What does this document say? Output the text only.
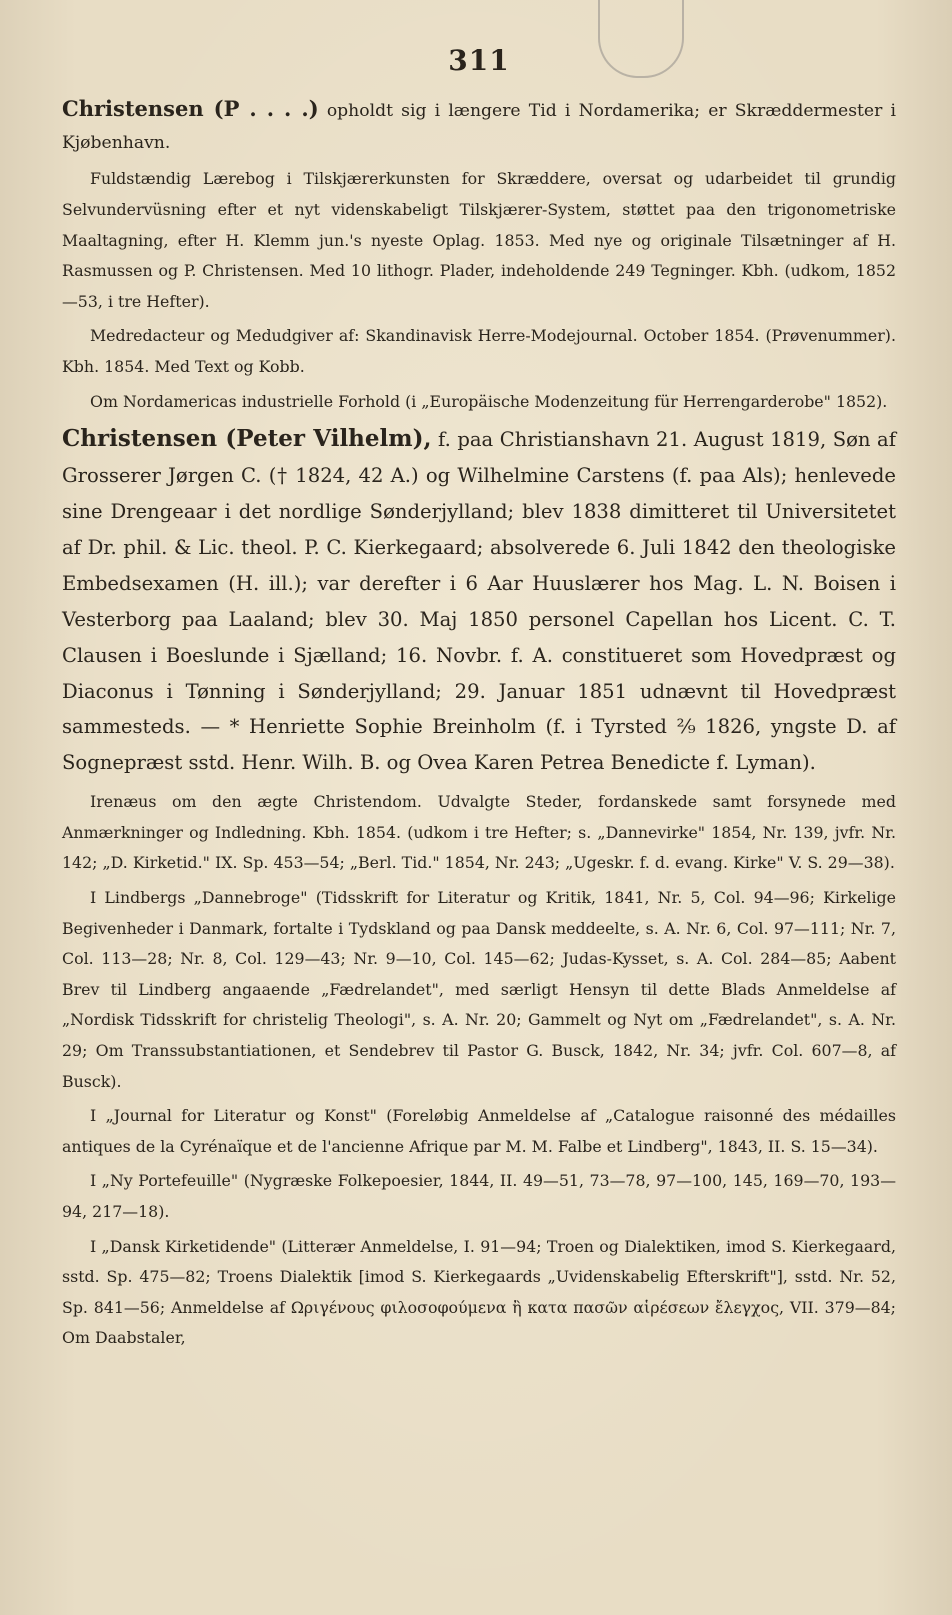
311

Christensen (P . . . .) opholdt sig i længere Tid i Nordamerika; er Skræddermester i Kjøbenhavn.

Fuldstændig Lærebog i Tilskjærerkunsten for Skræddere, oversat og udarbeidet til grundig Selvundervüsning efter et nyt videnskabeligt Tilskjærer-System, støttet paa den trigonometriske Maaltagning, efter H. Klemm jun.'s nyeste Oplag. 1853. Med nye og originale Tilsætninger af H. Rasmussen og P. Christensen. Med 10 lithogr. Plader, indeholdende 249 Tegninger. Kbh. (udkom, 1852—53, i tre Hefter).

Medredacteur og Medudgiver af: Skandinavisk Herre-Modejournal. October 1854. (Prøvenummer). Kbh. 1854. Med Text og Kobb.

Om Nordamericas industrielle Forhold (i „Europäische Modenzeitung für Herrengarderobe" 1852).

Christensen (Peter Vilhelm), f. paa Christianshavn 21. August 1819, Søn af Grosserer Jørgen C. († 1824, 42 A.) og Wilhelmine Carstens (f. paa Als); henlevede sine Drengeaar i det nordlige Sønderjylland; blev 1838 dimitteret til Universitetet af Dr. phil. & Lic. theol. P. C. Kierkegaard; absolverede 6. Juli 1842 den theologiske Embedsexamen (H. ill.); var derefter i 6 Aar Huuslærer hos Mag. L. N. Boisen i Vesterborg paa Laaland; blev 30. Maj 1850 personel Capellan hos Licent. C. T. Clausen i Boeslunde i Sjælland; 16. Novbr. f. A. constitueret som Hovedpræst og Diaconus i Tønning i Sønderjylland; 29. Januar 1851 udnævnt til Hovedpræst sammesteds. — * Henriette Sophie Breinholm (f. i Tyrsted ²⁄₉ 1826, yngste D. af Sognepræst sstd. Henr. Wilh. B. og Ovea Karen Petrea Benedicte f. Lyman).

Irenæus om den ægte Christendom. Udvalgte Steder, fordanskede samt forsynede med Anmærkninger og Indledning. Kbh. 1854. (udkom i tre Hefter; s. „Dannevirke" 1854, Nr. 139, jvfr. Nr. 142; „D. Kirketid." IX. Sp. 453—54; „Berl. Tid." 1854, Nr. 243; „Ugeskr. f. d. evang. Kirke" V. S. 29—38).

I Lindbergs „Dannebroge" (Tidsskrift for Literatur og Kritik, 1841, Nr. 5, Col. 94—96; Kirkelige Begivenheder i Danmark, fortalte i Tydskland og paa Dansk meddeelte, s. A. Nr. 6, Col. 97—111; Nr. 7, Col. 113—28; Nr. 8, Col. 129—43; Nr. 9—10, Col. 145—62; Judas-Kysset, s. A. Col. 284—85; Aabent Brev til Lindberg angaaende „Fædrelandet", med særligt Hensyn til dette Blads Anmeldelse af „Nordisk Tidsskrift for christelig Theologi", s. A. Nr. 20; Gammelt og Nyt om „Fædrelandet", s. A. Nr. 29; Om Transsubstantiationen, et Sendebrev til Pastor G. Busck, 1842, Nr. 34; jvfr. Col. 607—8, af Busck).

I „Journal for Literatur og Konst" (Foreløbig Anmeldelse af „Catalogue raisonné des médailles antiques de la Cyrénaïque et de l'ancienne Afrique par M. M. Falbe et Lindberg", 1843, II. S. 15—34).

I „Ny Portefeuille" (Nygræske Folkepoesier, 1844, II. 49—51, 73—78, 97—100, 145, 169—70, 193—94, 217—18).

I „Dansk Kirketidende" (Litterær Anmeldelse, I. 91—94; Troen og Dialektiken, imod S. Kierkegaard, sstd. Sp. 475—82; Troens Dialektik [imod S. Kierkegaards „Uvidenskabelig Efterskrift"], sstd. Nr. 52, Sp. 841—56; Anmeldelse af Ωριγένους φιλοσοφούμενα ἢ κατα πασῶν αἱρέσεων ἔλεγχος, VII. 379—84; Om Daabstaler,
